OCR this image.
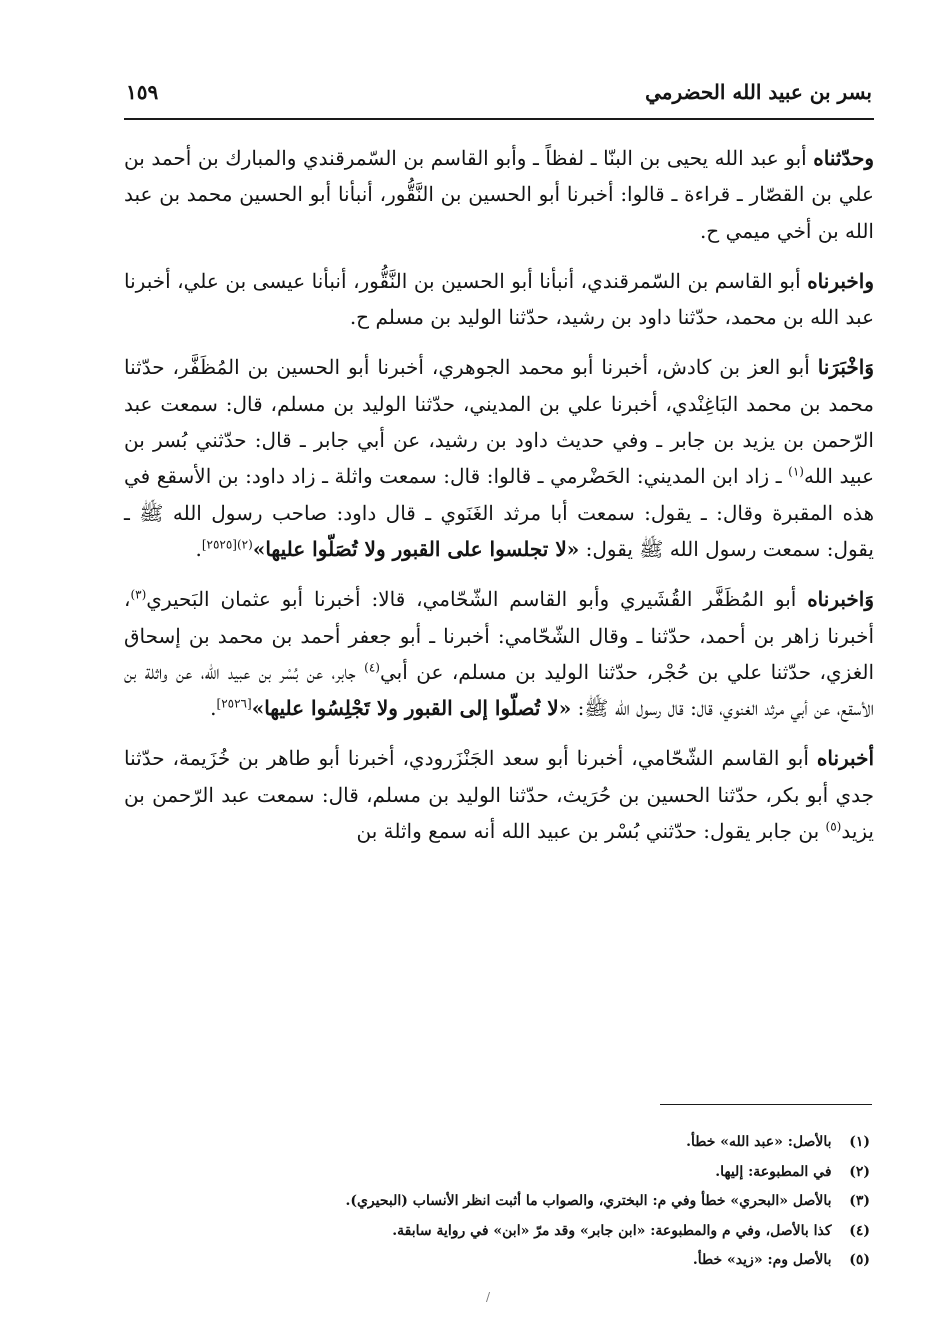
بسر بن عبيد الله الحضرمي
١٥٩

وحدّثناه أبو عبد الله يحيى بن البنّا ـ لفظاً ـ وأبو القاسم بن السّمرقندي والمبارك بن أحمد بن علي بن القصّار ـ قراءة ـ قالوا: أخبرنا أبو الحسين بن النَّقُّور، أنبأنا أبو الحسين محمد بن عبد الله بن أخي ميمي ح.

واخبرناه أبو القاسم بن السّمرقندي، أنبأنا أبو الحسين بن النَّقُّور، أنبأنا عيسى بن علي، أخبرنا عبد الله بن محمد، حدّثنا داود بن رشيد، حدّثنا الوليد بن مسلم ح.

وَاخْبَرَنا أبو العز بن كادش، أخبرنا أبو محمد الجوهري، أخبرنا أبو الحسين بن المُظَفَّر، حدّثنا محمد بن محمد البَاغِنْدي، أخبرنا علي بن المديني، حدّثنا الوليد بن مسلم، قال: سمعت عبد الرّحمن بن يزيد بن جابر ـ وفي حديث داود بن رشيد، عن أبي جابر ـ قال: حدّثني بُسر بن عبيد الله$^{(١)}$ ـ زاد ابن المديني: الحَضْرمي ـ قالوا: قال: سمعت واثلة ـ زاد داود: بن الأسقع في هذه المقبرة وقال: ـ يقول: سمعت أبا مرثد الغَنَوي ـ قال داود: صاحب رسول الله ﷺ ـ يقول: سمعت رسول الله ﷺ يقول: «لا تجلسوا على القبور ولا تُصَلّوا عليها»$^{(٢)[٢٥٢٥]}$.

وَاخبرناه أبو المُظَفَّر القُشَيري وأبو القاسم الشّحّامي، قالا: أخبرنا أبو عثمان البَحيري$^{(٣)}$، أخبرنا زاهر بن أحمد، حدّثنا ـ وقال الشّحّامي: أخبرنا ـ أبو جعفر أحمد بن محمد بن إسحاق الغزي، حدّثنا علي بن حُجْر، حدّثنا الوليد بن مسلم، عن أبي$^{(٤)}$ جابر، عن بُسْر بن عبيد الله، عن واثلة بن الأسقع، عن أبي مرثد الغنوي، قال: قال رسول الله ﷺ: «لا تُصلّوا إلى القبور ولا تَجْلِسُوا عليها»[٢٥٢٦].

أخبرناه أبو القاسم الشّحّامي، أخبرنا أبو سعد الجَنْزَرودي، أخبرنا أبو طاهر بن خُزَيمة، حدّثنا جدي أبو بكر، حدّثنا الحسين بن حُرَيث، حدّثنا الوليد بن مسلم، قال: سمعت عبد الرّحمن بن يزيد$^{(٥)}$ بن جابر يقول: حدّثني بُسْر بن عبيد الله أنه سمع واثلة بن

(١) بالأصل: «عبد الله» خطأ.
(٢) في المطبوعة: إليها.
(٣) بالأصل «البحري» خطأ وفي م: البختري، والصواب ما أثبت انظر الأنساب (البحيري).
(٤) كذا بالأصل، وفي م والمطبوعة: «ابن جابر» وقد مرّ «ابن» في رواية سابقة.
(٥) بالأصل وم: «زيد» خطأ.
/
